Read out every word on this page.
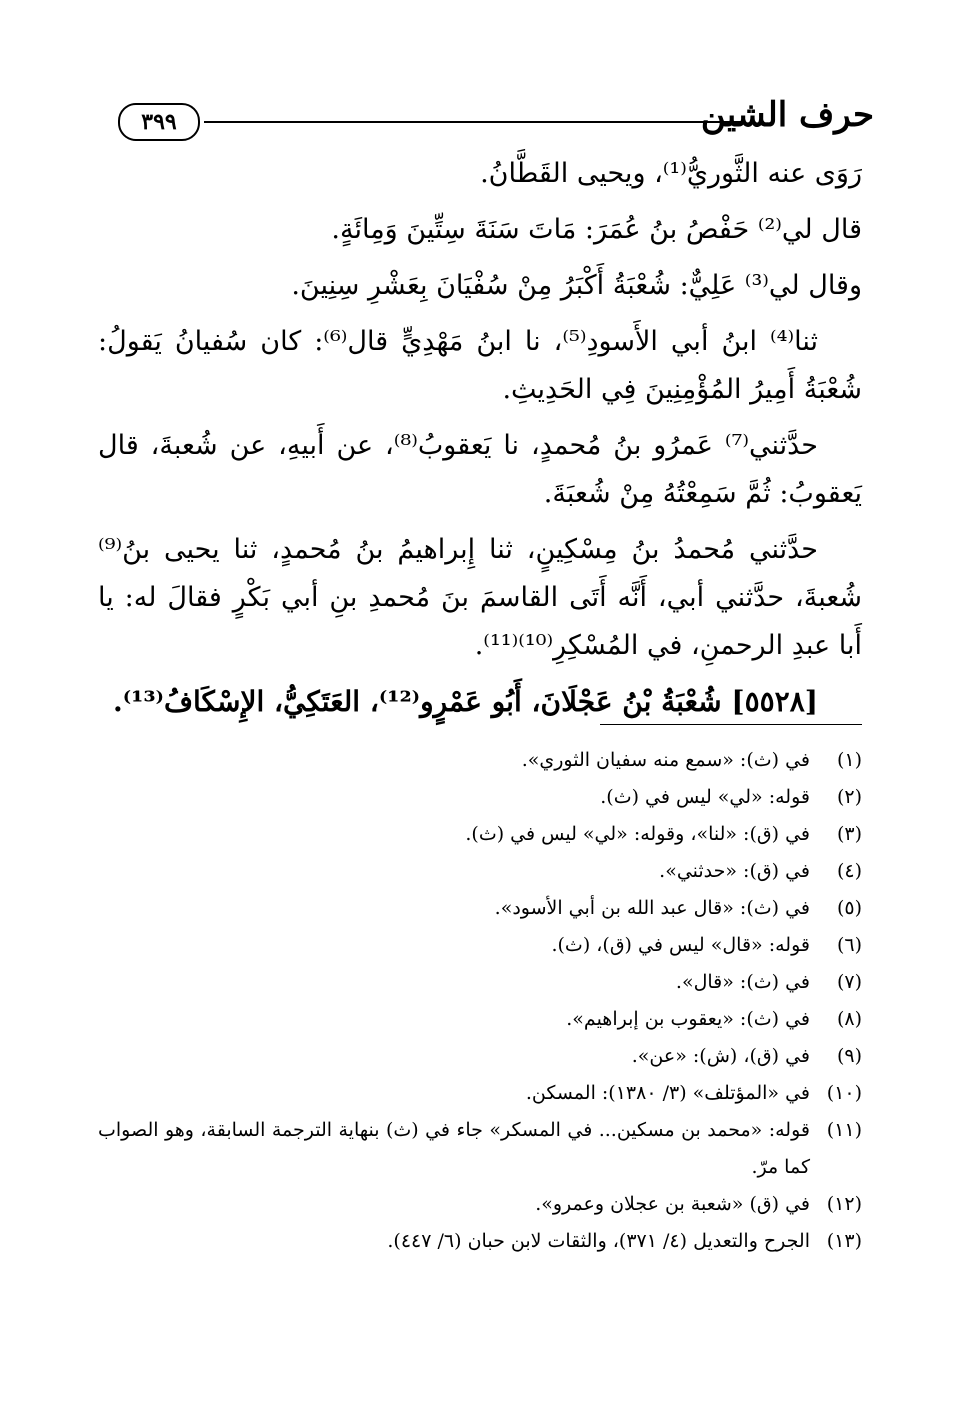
حرف الشين
٣٩٩

رَوَى عنه الثَّوريُّ⁽¹⁾، ويحيى القَطَّانُ.

قال لي⁽²⁾ حَفْصُ بنُ عُمَرَ: مَاتَ سَنَةَ سِتِّينَ وَمِائَةٍ.

وقال لي⁽³⁾ عَلِيٌّ: شُعْبَةُ أَكْبَرُ مِنْ سُفْيَانَ بِعَشْرِ سِنِينَ.

ثنا⁽⁴⁾ ابنُ أبي الأَسودِ⁽⁵⁾، نا ابنُ مَهْدِيٍّ قال⁽⁶⁾: كان سُفيانُ يَقولُ: شُعْبَةُ أَمِيرُ المُؤْمِنِينَ فِي الحَدِيثِ.

حدَّثني⁽⁷⁾ عَمرُو بنُ مُحمدٍ، نا يَعقوبُ⁽⁸⁾، عن أَبيهِ، عن شُعبةَ، قال يَعقوبُ: ثُمَّ سَمِعْتُهُ مِنْ شُعبَةَ.

حدَّثني مُحمدُ بنُ مِسْكِينٍ، ثنا إِبراهيمُ بنُ مُحمدٍ، ثنا يحيى بنُ⁽⁹⁾ شُعبةَ، حدَّثني أبي، أَنَّه أَتَى القاسمَ بنَ مُحمدِ بنِ أبي بَكْرٍ فقالَ له: يا أَبا عبدِ الرحمنِ، في المُسْكِرِ⁽¹⁰⁾⁽¹¹⁾.

[٥٥٢٨] شُعْبَةُ بْنُ عَجْلَانَ، أَبُو عَمْرٍو⁽¹²⁾، العَتَكِيُّ، الإِسْكَافُ⁽¹³⁾.

(١)
في (ث): «سمع منه سفيان الثوري».
(٢)
قوله: «لي» ليس في (ث).
(٣)
في (ق): «لنا»، وقوله: «لي» ليس في (ث).
(٤)
في (ق): «حدثني».
(٥)
في (ث): «قال عبد الله بن أبي الأسود».
(٦)
قوله: «قال» ليس في (ق)، (ث).
(٧)
في (ث): «قال».
(٨)
في (ث): «يعقوب بن إبراهيم».
(٩)
في (ق)، (ش): «عن».
(١٠)
في «المؤتلف» (٣/ ١٣٨٠): المسكن.
(١١)
قوله: «محمد بن مسكين... في المسكر» جاء في (ث) بنهاية الترجمة السابقة، وهو الصواب كما مرّ.
(١٢)
في (ق) «شعبة بن عجلان وعمرو».
(١٣)
الجرح والتعديل (٤/ ٣٧١)، والثقات لابن حبان (٦/ ٤٤٧).
